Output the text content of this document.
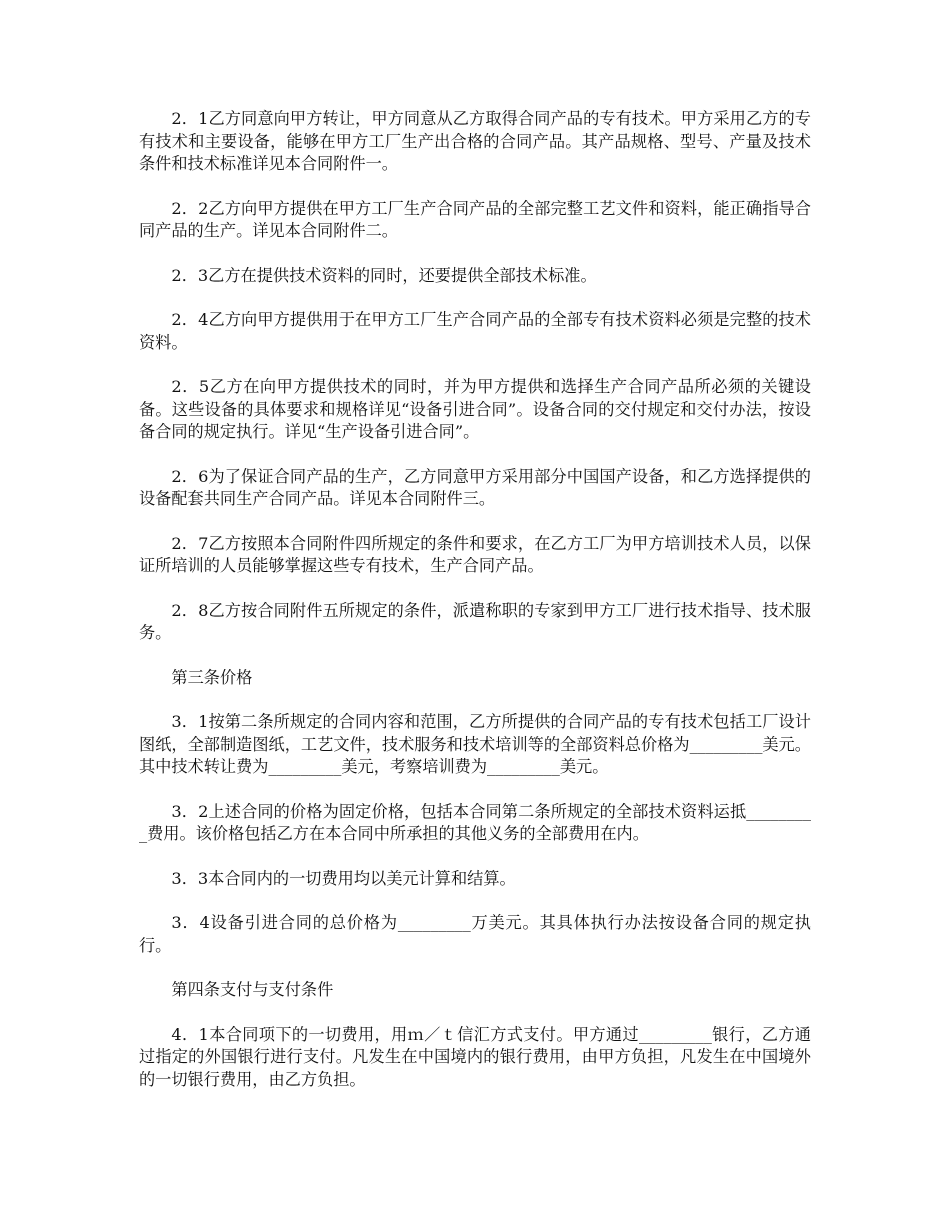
2．1乙方同意向甲方转让，甲方同意从乙方取得合同产品的专有技术。甲方采用乙方的专有技术和主要设备，能够在甲方工厂生产出合格的合同产品。其产品规格、型号、产量及技术条件和技术标准详见本合同附件一。

2．2乙方向甲方提供在甲方工厂生产合同产品的全部完整工艺文件和资料，能正确指导合同产品的生产。详见本合同附件二。

2．3乙方在提供技术资料的同时，还要提供全部技术标准。

2．4乙方向甲方提供用于在甲方工厂生产合同产品的全部专有技术资料必须是完整的技术资料。

2．5乙方在向甲方提供技术的同时，并为甲方提供和选择生产合同产品所必须的关键设备。这些设备的具体要求和规格详见“设备引进合同”。设备合同的交付规定和交付办法，按设备合同的规定执行。详见“生产设备引进合同”。

2．6为了保证合同产品的生产，乙方同意甲方采用部分中国国产设备，和乙方选择提供的设备配套共同生产合同产品。详见本合同附件三。

2．7乙方按照本合同附件四所规定的条件和要求，在乙方工厂为甲方培训技术人员，以保证所培训的人员能够掌握这些专有技术，生产合同产品。

2．8乙方按合同附件五所规定的条件，派遣称职的专家到甲方工厂进行技术指导、技术服务。

第三条价格

3．1按第二条所规定的合同内容和范围，乙方所提供的合同产品的专有技术包括工厂设计图纸，全部制造图纸，工艺文件，技术服务和技术培训等的全部资料总价格为_________美元。其中技术转让费为_________美元，考察培训费为_________美元。

3．2上述合同的价格为固定价格，包括本合同第二条所规定的全部技术资料运抵_________费用。该价格包括乙方在本合同中所承担的其他义务的全部费用在内。

3．3本合同内的一切费用均以美元计算和结算。

3．4设备引进合同的总价格为_________万美元。其具体执行办法按设备合同的规定执行。

第四条支付与支付条件

4．1本合同项下的一切费用，用ｍ／ｔ信汇方式支付。甲方通过_________银行，乙方通过指定的外国银行进行支付。凡发生在中国境内的银行费用，由甲方负担，凡发生在中国境外的一切银行费用，由乙方负担。
